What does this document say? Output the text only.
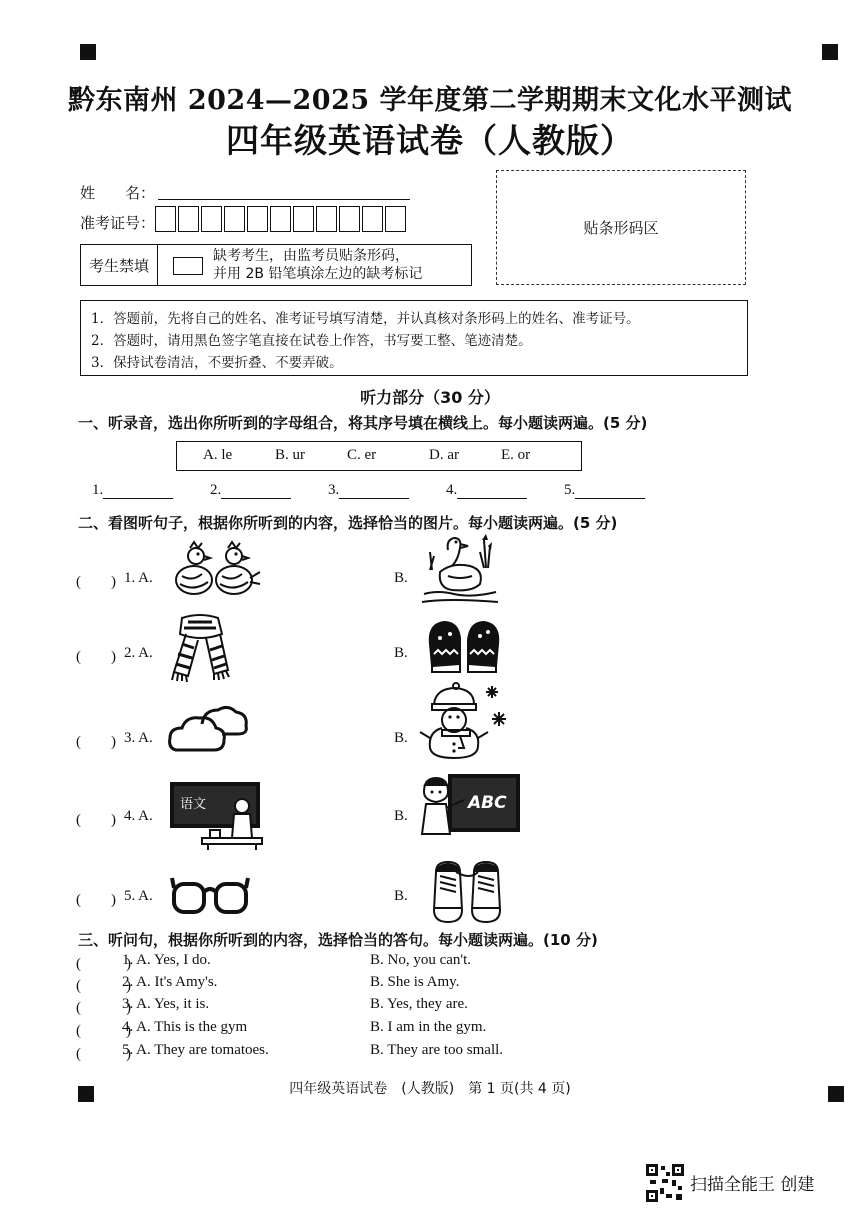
黔东南州 2024—2025 学年度第二学期期末文化水平测试
四年级英语试卷（人教版）
姓　　名：
准考证号：
考生禁填
缺考考生，由监考员贴条形码，
并用 2B 铅笔填涂左边的缺考标记
贴条形码区
1．答题前，先将自己的姓名、准考证号填写清楚，并认真核对条形码上的姓名、准考证号。
2．答题时，请用黑色签字笔直接在试卷上作答，书写要工整、笔迹清楚。
3．保持试卷清洁，不要折叠、不要弄破。
听力部分（30 分）
一、听录音，选出你所听到的字母组合，将其序号填在横线上。每小题读两遍。(5 分)
A. le	B. ur	C. er	D. ar	E. or
1.	2.	3.	4.	5.
二、看图听句子，根据你所听到的内容，选择恰当的图片。每小题读两遍。(5 分)
(　　) 1. A.	B.
(　　) 2. A.	B.
(　　) 3. A.	B.
(　　) 4. A.
语文
B.
ABC
(　　) 5. A.	B.
三、听问句，根据你所听到的内容，选择恰当的答句。每小题读两遍。(10 分)
(　　　)
1. A. Yes, I do.	B. No, you can't.
(　　　)
2. A. It's Amy's.	B. She is Amy.
(　　　)
3. A. Yes, it is.	B. Yes, they are.
(　　　)
4. A. This is the gym	B. I am in the gym.
(　　　)
5. A. They are tomatoes.	B. They are too small.
四年级英语试卷　(人教版)　第 1 页(共 4 页)
扫描全能王 创建
